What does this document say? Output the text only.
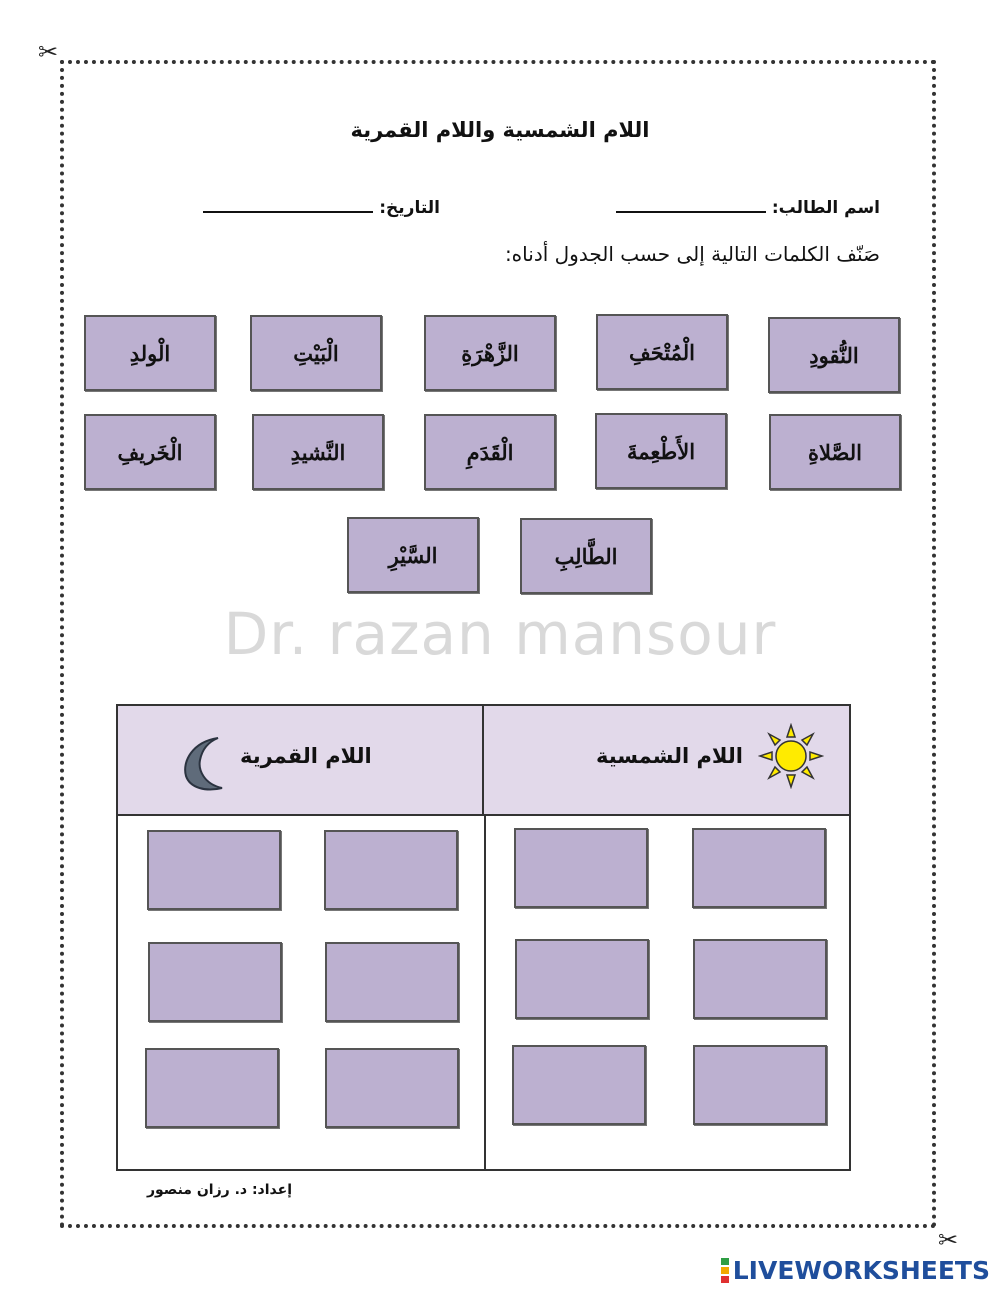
✂
✂
اللام الشمسية واللام القمرية
اسم الطالب:
التاريخ:
صَنّف الكلمات التالية إلى حسب الجدول أدناه:
النُّقودِ
الْمُتْحَفِ
الزَّهْرَةِ
الْبَيْتِ
الْولدِ
الصَّلاةِ
الأَطْعِمةَ
الْقَدَمِ
النَّشيدِ
الْخَريفِ
الطَّالِبِ
السَّيْرِ
Dr. razan mansour
اللام القمرية	اللام الشمسية
إعداد: د. رزان منصور
LIVEWORKSHEETS
